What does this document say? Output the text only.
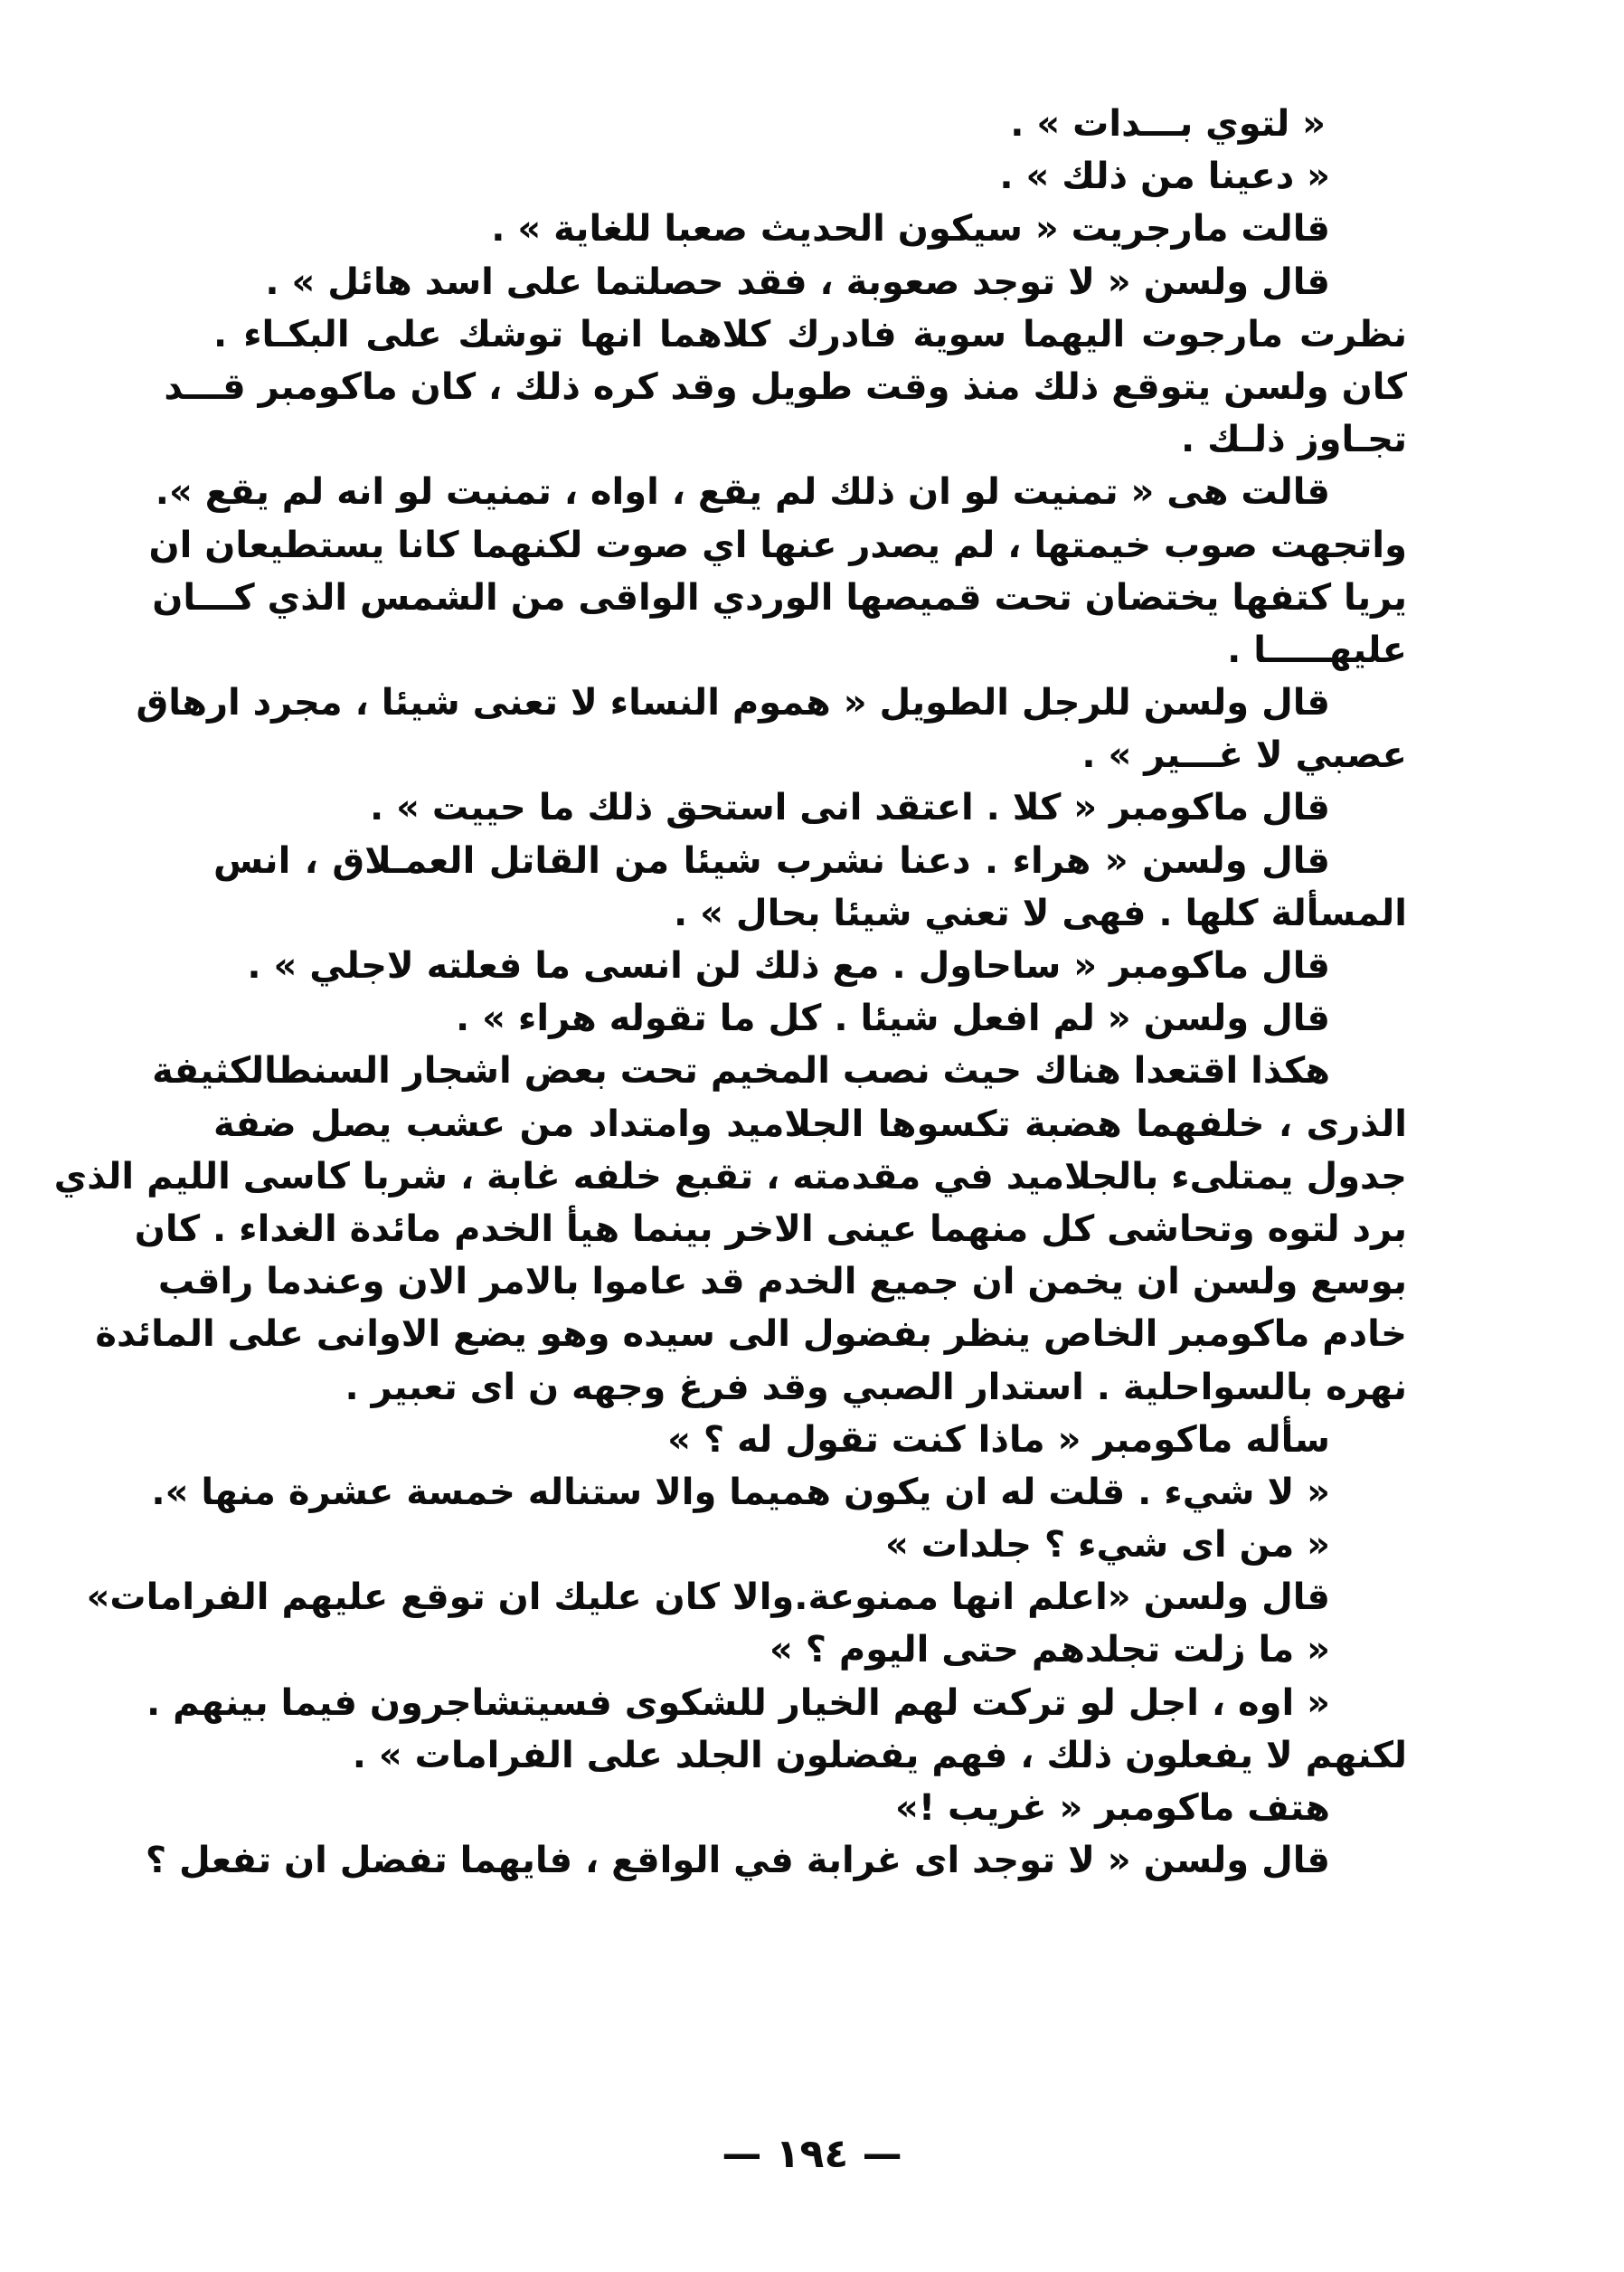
« لتوي بـــدات » .
« دعينا من ذلك » .
قالت مارجريت « سيكون الحديث صعبا للغاية » .
قال ولسن « لا توجد صعوبة ، فقد حصلتما على اسد هائل » .
نظرت مارجوت اليهما سوية فادرك كلاهما انها توشك على البكـاء .
كان ولسن يتوقع ذلك منذ وقت طويل وقد كره ذلك ، كان ماكومبر قـــد
تجـاوز ذلـك .
قالت هى « تمنيت لو ان ذلك لم يقع ، اواه ، تمنيت لو انه لم يقع ».
واتجهت صوب خيمتها ، لم يصدر عنها اي صوت لكنهما كانا يستطيعان ان
يريا كتفها يختضان تحت قميصها الوردي الواقى من الشمس الذي كـــان
عليهـــــا .
قال ولسن للرجل الطويل « هموم النساء لا تعنى شيئا ، مجرد ارهاق
عصبي لا غـــير » .
قال ماكومبر « كلا . اعتقد انى استحق ذلك ما حييت » .
قال ولسن « هراء . دعنا نشرب شيئا من القاتل العمـلاق ، انس
المسألة كلها . فهى لا تعني شيئا بحال » .
قال ماكومبر « ساحاول . مع ذلك لن انسى ما فعلته لاجلي » .
قال ولسن « لم افعل شيئا . كل ما تقوله هراء » .
هكذا اقتعدا هناك حيث نصب المخيم تحت بعض اشجار السنطالكثيفة
الذرى ، خلفهما هضبة تكسوها الجلاميد وامتداد من عشب يصل ضفة
جدول يمتلىء بالجلاميد في مقدمته ، تقبع خلفه غابة ، شربا كاسى الليم الذي
برد لتوه وتحاشى كل منهما عينى الاخر بينما هيأ الخدم مائدة الغداء . كان
بوسع ولسن ان يخمن ان جميع الخدم قد عاموا بالامر الان وعندما راقب
خادم ماكومبر الخاص ينظر بفضول الى سيده وهو يضع الاوانى على المائدة
نهره بالسواحلية . استدار الصبي وقد فرغ وجهه ن اى تعبير .
سأله ماكومبر « ماذا كنت تقول له ؟ »
« لا شيء . قلت له ان يكون هميما والا ستناله خمسة عشرة منها ».
« من اى شيء ؟ جلدات »
قال ولسن «اعلم انها ممنوعة.والا كان عليك ان توقع عليهم الفرامات»
« ما زلت تجلدهم حتى اليوم ؟ »
« اوه ، اجل لو تركت لهم الخيار للشكوى فسيتشاجرون فيما بينهم .
لكنهم لا يفعلون ذلك ، فهم يفضلون الجلد على الفرامات » .
هتف ماكومبر « غريب !»
قال ولسن « لا توجد اى غرابة في الواقع ، فايهما تفضل ان تفعل ؟
— ١٩٤ —
